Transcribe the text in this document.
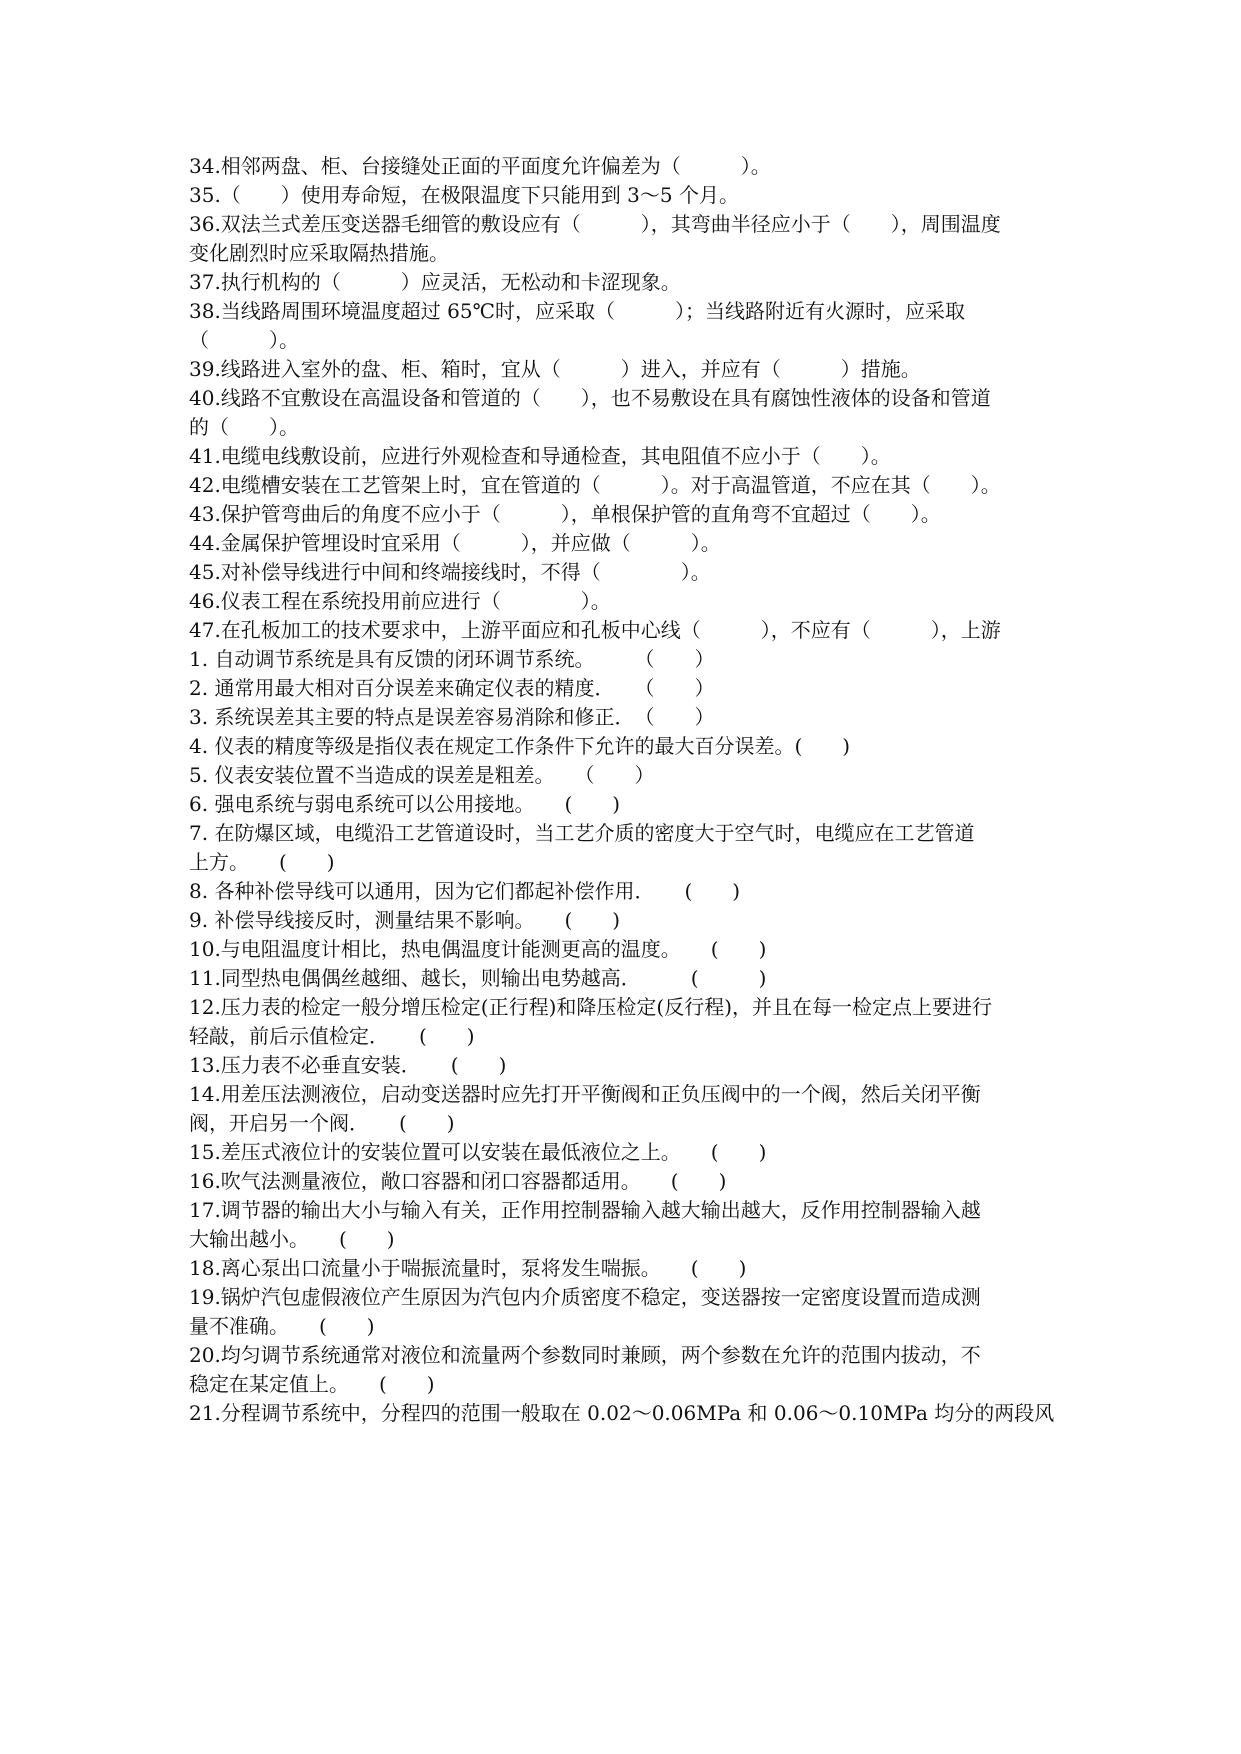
34.相邻两盘、柜、台接缝处正面的平面度允许偏差为（　　　）。
35.（　　）使用寿命短，在极限温度下只能用到 3～5 个月。
36.双法兰式差压变送器毛细管的敷设应有（　　　），其弯曲半径应小于（　　），周围温度
变化剧烈时应采取隔热措施。
37.执行机构的（　　　）应灵活，无松动和卡涩现象。
38.当线路周围环境温度超过 65℃时，应采取（　　　）；当线路附近有火源时，应采取
（　　　）。
39.线路进入室外的盘、柜、箱时，宜从（　　　）进入，并应有（　　　）措施。
40.线路不宜敷设在高温设备和管道的（　　），也不易敷设在具有腐蚀性液体的设备和管道
的（　　）。
41.电缆电线敷设前，应进行外观检查和导通检查，其电阻值不应小于（　　）。
42.电缆槽安装在工艺管架上时，宜在管道的（　　　）。对于高温管道，不应在其（　　）。
43.保护管弯曲后的角度不应小于（　　　），单根保护管的直角弯不宜超过（　　）。
44.金属保护管埋设时宜采用（　　　），并应做（　　　）。
45.对补偿导线进行中间和终端接线时，不得（　　　　）。
46.仪表工程在系统投用前应进行（　　　　）。
47.在孔板加工的技术要求中，上游平面应和孔板中心线（　　　），不应有（　　　），上游
1. 自动调节系统是具有反馈的闭环调节系统。　　　（　　）
2. 通常用最大相对百分误差来确定仪表的精度．　　（　　）
3. 系统误差其主要的特点是误差容易消除和修正．　（　　）
4. 仪表的精度等级是指仪表在规定工作条件下允许的最大百分误差。(　　)
5. 仪表安装位置不当造成的误差是粗差。　　（　　）
6. 强电系统与弱电系统可以公用接地。　　(　　)
7. 在防爆区域，电缆沿工艺管道设时，当工艺介质的密度大于空气时，电缆应在工艺管道
上方。　　(　　)
8. 各种补偿导线可以通用，因为它们都起补偿作用．　　(　　)
9. 补偿导线接反时，测量结果不影响。　　(　　)
10.与电阻温度计相比，热电偶温度计能测更高的温度。　　(　　)
11.同型热电偶偶丝越细、越长，则输出电势越高．　　　(　　　)
12.压力表的检定一般分增压检定(正行程)和降压检定(反行程)，并且在每一检定点上要进行
轻敲，前后示值检定．　　(　　)
13.压力表不必垂直安装．　　(　　)
14.用差压法测液位，启动变送器时应先打开平衡阀和正负压阀中的一个阀，然后关闭平衡
阀，开启另一个阀．　　(　　)
15.差压式液位计的安装位置可以安装在最低液位之上。　　(　　)
16.吹气法测量液位，敞口容器和闭口容器都适用。　　(　　)
17.调节器的输出大小与输入有关，正作用控制器输入越大输出越大，反作用控制器输入越
大输出越小。　　(　　)
18.离心泵出口流量小于喘振流量时，泵将发生喘振。　　(　　)
19.锅炉汽包虚假液位产生原因为汽包内介质密度不稳定，变送器按一定密度设置而造成测
量不准确。　　(　　)
20.均匀调节系统通常对液位和流量两个参数同时兼顾，两个参数在允许的范围内拔动，不
稳定在某定值上。　　(　　)
21.分程调节系统中，分程四的范围一般取在 0.02～0.06MPa 和 0.06～0.10MPa 均分的两段风
